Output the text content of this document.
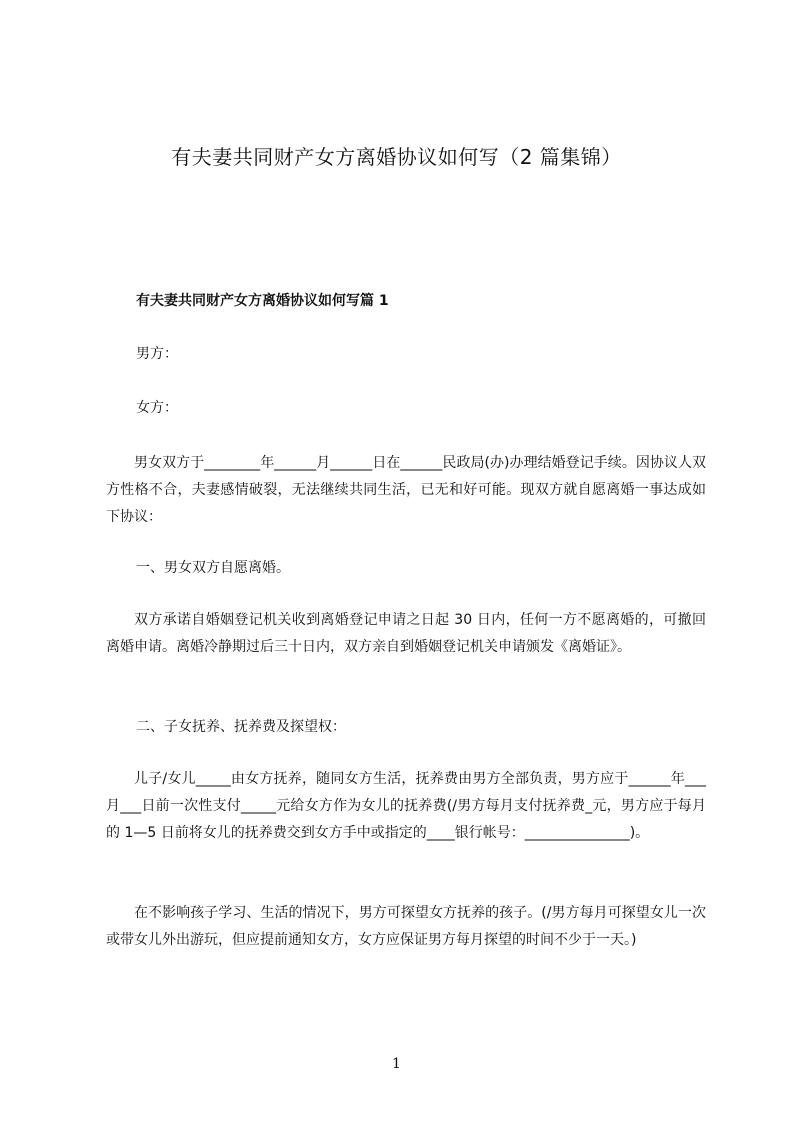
有夫妻共同财产女方离婚协议如何写（2 篇集锦）
有夫妻共同财产女方离婚协议如何写篇 1

男方：

女方：

男女双方于________年______月______日在______民政局(办)办理结婚登记手续。因协议人双方性格不合，夫妻感情破裂，无法继续共同生活，已无和好可能。现双方就自愿离婚一事达成如下协议：

一、男女双方自愿离婚。

双方承诺自婚姻登记机关收到离婚登记申请之日起 30 日内，任何一方不愿离婚的，可撤回离婚申请。离婚冷静期过后三十日内，双方亲自到婚姻登记机关申请颁发《离婚证》。

二、子女抚养、抚养费及探望权：

儿子/女儿_____由女方抚养，随同女方生活，抚养费由男方全部负责，男方应于______年___月___日前一次性支付_____元给女方作为女儿的抚养费(/男方每月支付抚养费_元，男方应于每月的 1—5 日前将女儿的抚养费交到女方手中或指定的____银行帐号：_______________)。

在不影响孩子学习、生活的情况下，男方可探望女方抚养的孩子。(/男方每月可探望女儿一次或带女儿外出游玩，但应提前通知女方，女方应保证男方每月探望的时间不少于一天。)

1
